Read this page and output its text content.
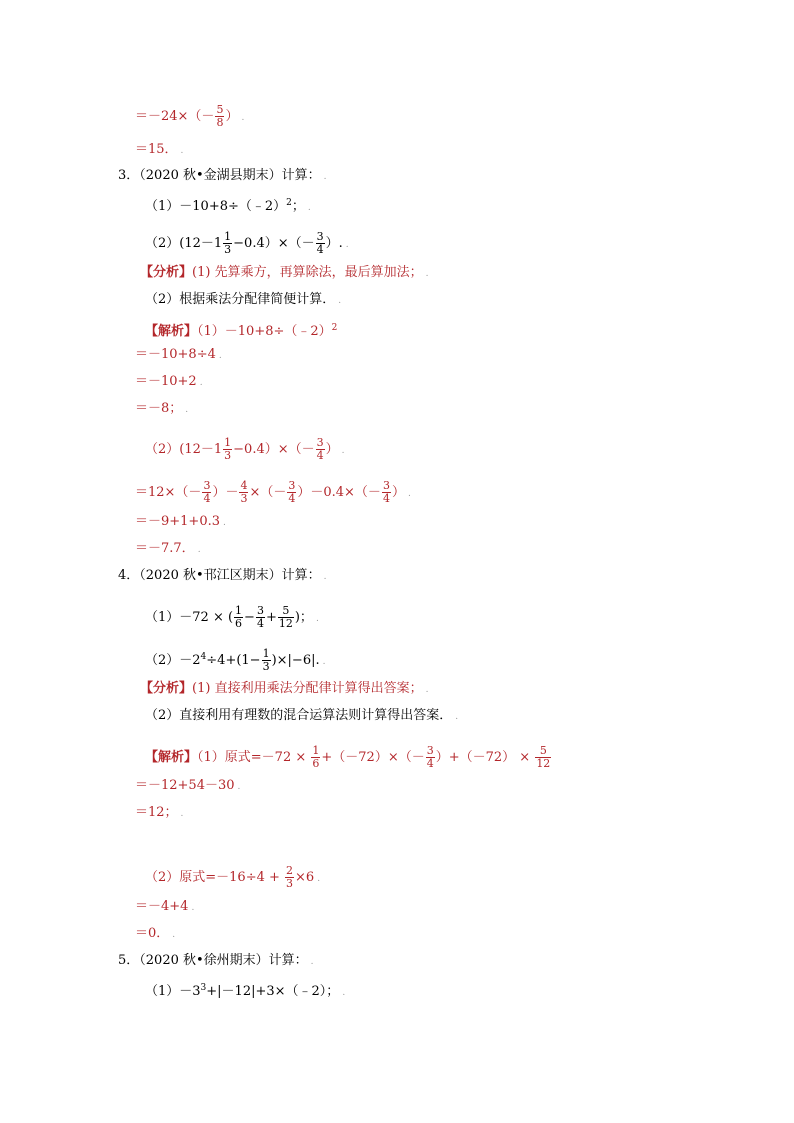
$=-24\times(- \frac{5}{8}$ ） .
＝15． .
3．（2020 秋•金湖县期末）计算： .
（1）－10+8÷（﹣2）$^2$； .
$(2)(12-1 \frac{1}{3} -0.4)\times(- \frac{3}{4}$ ）. .
【分析】(1) 先算乘方，再算除法，最后算加法； .
（2）根据乘法分配律简便计算． .
【解析】（1）－10+8÷（﹣2）$^2$
＝－10+8÷4 .
＝－10+2 .
＝－8； .
$(2)(12-1 \frac{1}{3} -0.4)\times(- \frac{3}{4}$ ） .
$=12\times(- \frac{3}{4}$ ）－ $\frac{4}{3}$ ×（－ $\frac{3}{4} )-0.4\times(- \frac{3}{4}$ ） .
＝－9+1+0.3 .
＝－7.7． .
4．（2020 秋•邗江区期末）计算： .
（1）－72 × ( $\frac{1}{6} - \frac{3}{4} + \frac{5}{12}$ )； .
$(2)-2^4\div 4+(1- \frac{1}{3} )\times|-6|$. .
【分析】(1) 直接利用乘法分配律计算得出答案； .
（2）直接利用有理数的混合运算法则计算得出答案． .
【解析】（1）原式$=-72 \times \frac{1}{6} +(-72)\times(- \frac{3}{4} )+(-72) \times \frac{5}{12}$
＝－12+54－30 .
＝12； .
（2）原式$=-16\div 4 + \frac{2}{3} \times 6$ .
＝－4+4 .
＝0． .
5．（2020 秋•徐州期末）计算： .
$(1)-3^3+|-12|+3\times(﹣2)$； .
